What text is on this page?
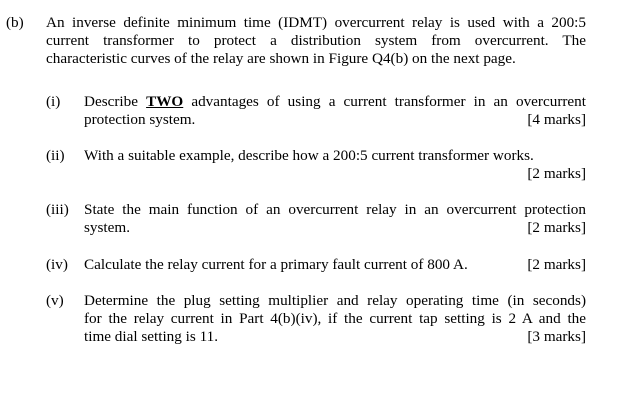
(b) An inverse definite minimum time (IDMT) overcurrent relay is used with a 200:5
current transformer to protect a distribution system from overcurrent. The
characteristic curves of the relay are shown in Figure Q4(b) on the next page.
(i) Describe TWO advantages of using a current transformer in an overcurrent
protection system.	[4 marks]
(ii) With a suitable example, describe how a 200:5 current transformer works.
[2 marks]
(iii) State the main function of an overcurrent relay in an overcurrent protection
system.	[2 marks]
(iv) Calculate the relay current for a primary fault current of 800 A.	[2 marks]
(v) Determine the plug setting multiplier and relay operating time (in seconds)
for the relay current in Part 4(b)(iv), if the current tap setting is 2 A and the
time dial setting is 11.	[3 marks]
